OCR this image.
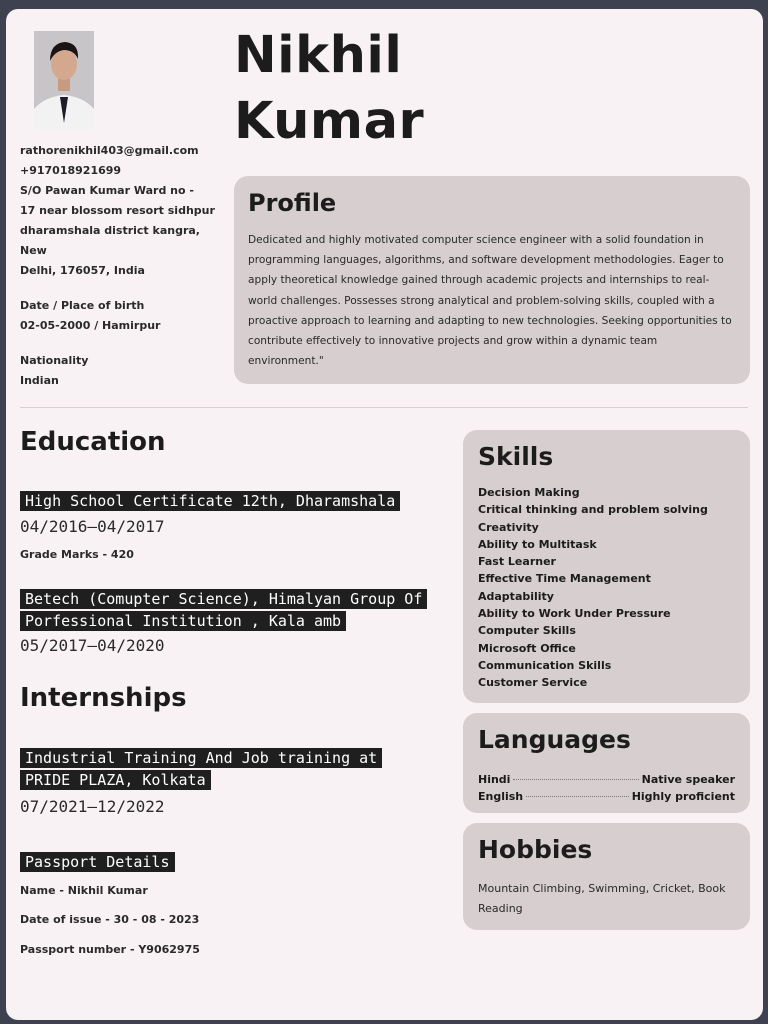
Nikhil
Kumar
rathorenikhil403@gmail.com
+917018921699
S/O Pawan Kumar Ward no -
17 near blossom resort sidhpur
dharamshala district kangra, New
Delhi, 176057, India
Date / Place of birth
02-05-2000 / Hamirpur
Nationality
Indian
Profile

Dedicated and highly motivated computer science engineer with a solid foundation in programming languages, algorithms, and software development methodologies. Eager to apply theoretical knowledge gained through academic projects and internships to real-world challenges. Possesses strong analytical and problem-solving skills, coupled with a proactive approach to learning and adapting to new technologies. Seeking opportunities to contribute effectively to innovative projects and grow within a dynamic team environment."

Education
High School Certificate 12th, Dharamshala
04/2016—04/2017
Grade Marks - 420
Betech (Comupter Science), Himalyan Group Of Porfessional Institution , Kala amb
05/2017—04/2020
Internships
Industrial Training And Job training at PRIDE PLAZA, Kolkata
07/2021—12/2022
Passport Details
Name - Nikhil Kumar
Date of issue - 30 - 08 - 2023
Passport number - Y9062975
Skills
Decision Making
Critical thinking and problem solving
Creativity
Ability to Multitask
Fast Learner
Effective Time Management
Adaptability
Ability to Work Under Pressure
Computer Skills
Microsoft Office
Communication Skills
Customer Service
Languages
Hindi	Native speaker
English	Highly proficient
Hobbies

Mountain Climbing, Swimming, Cricket, Book Reading
